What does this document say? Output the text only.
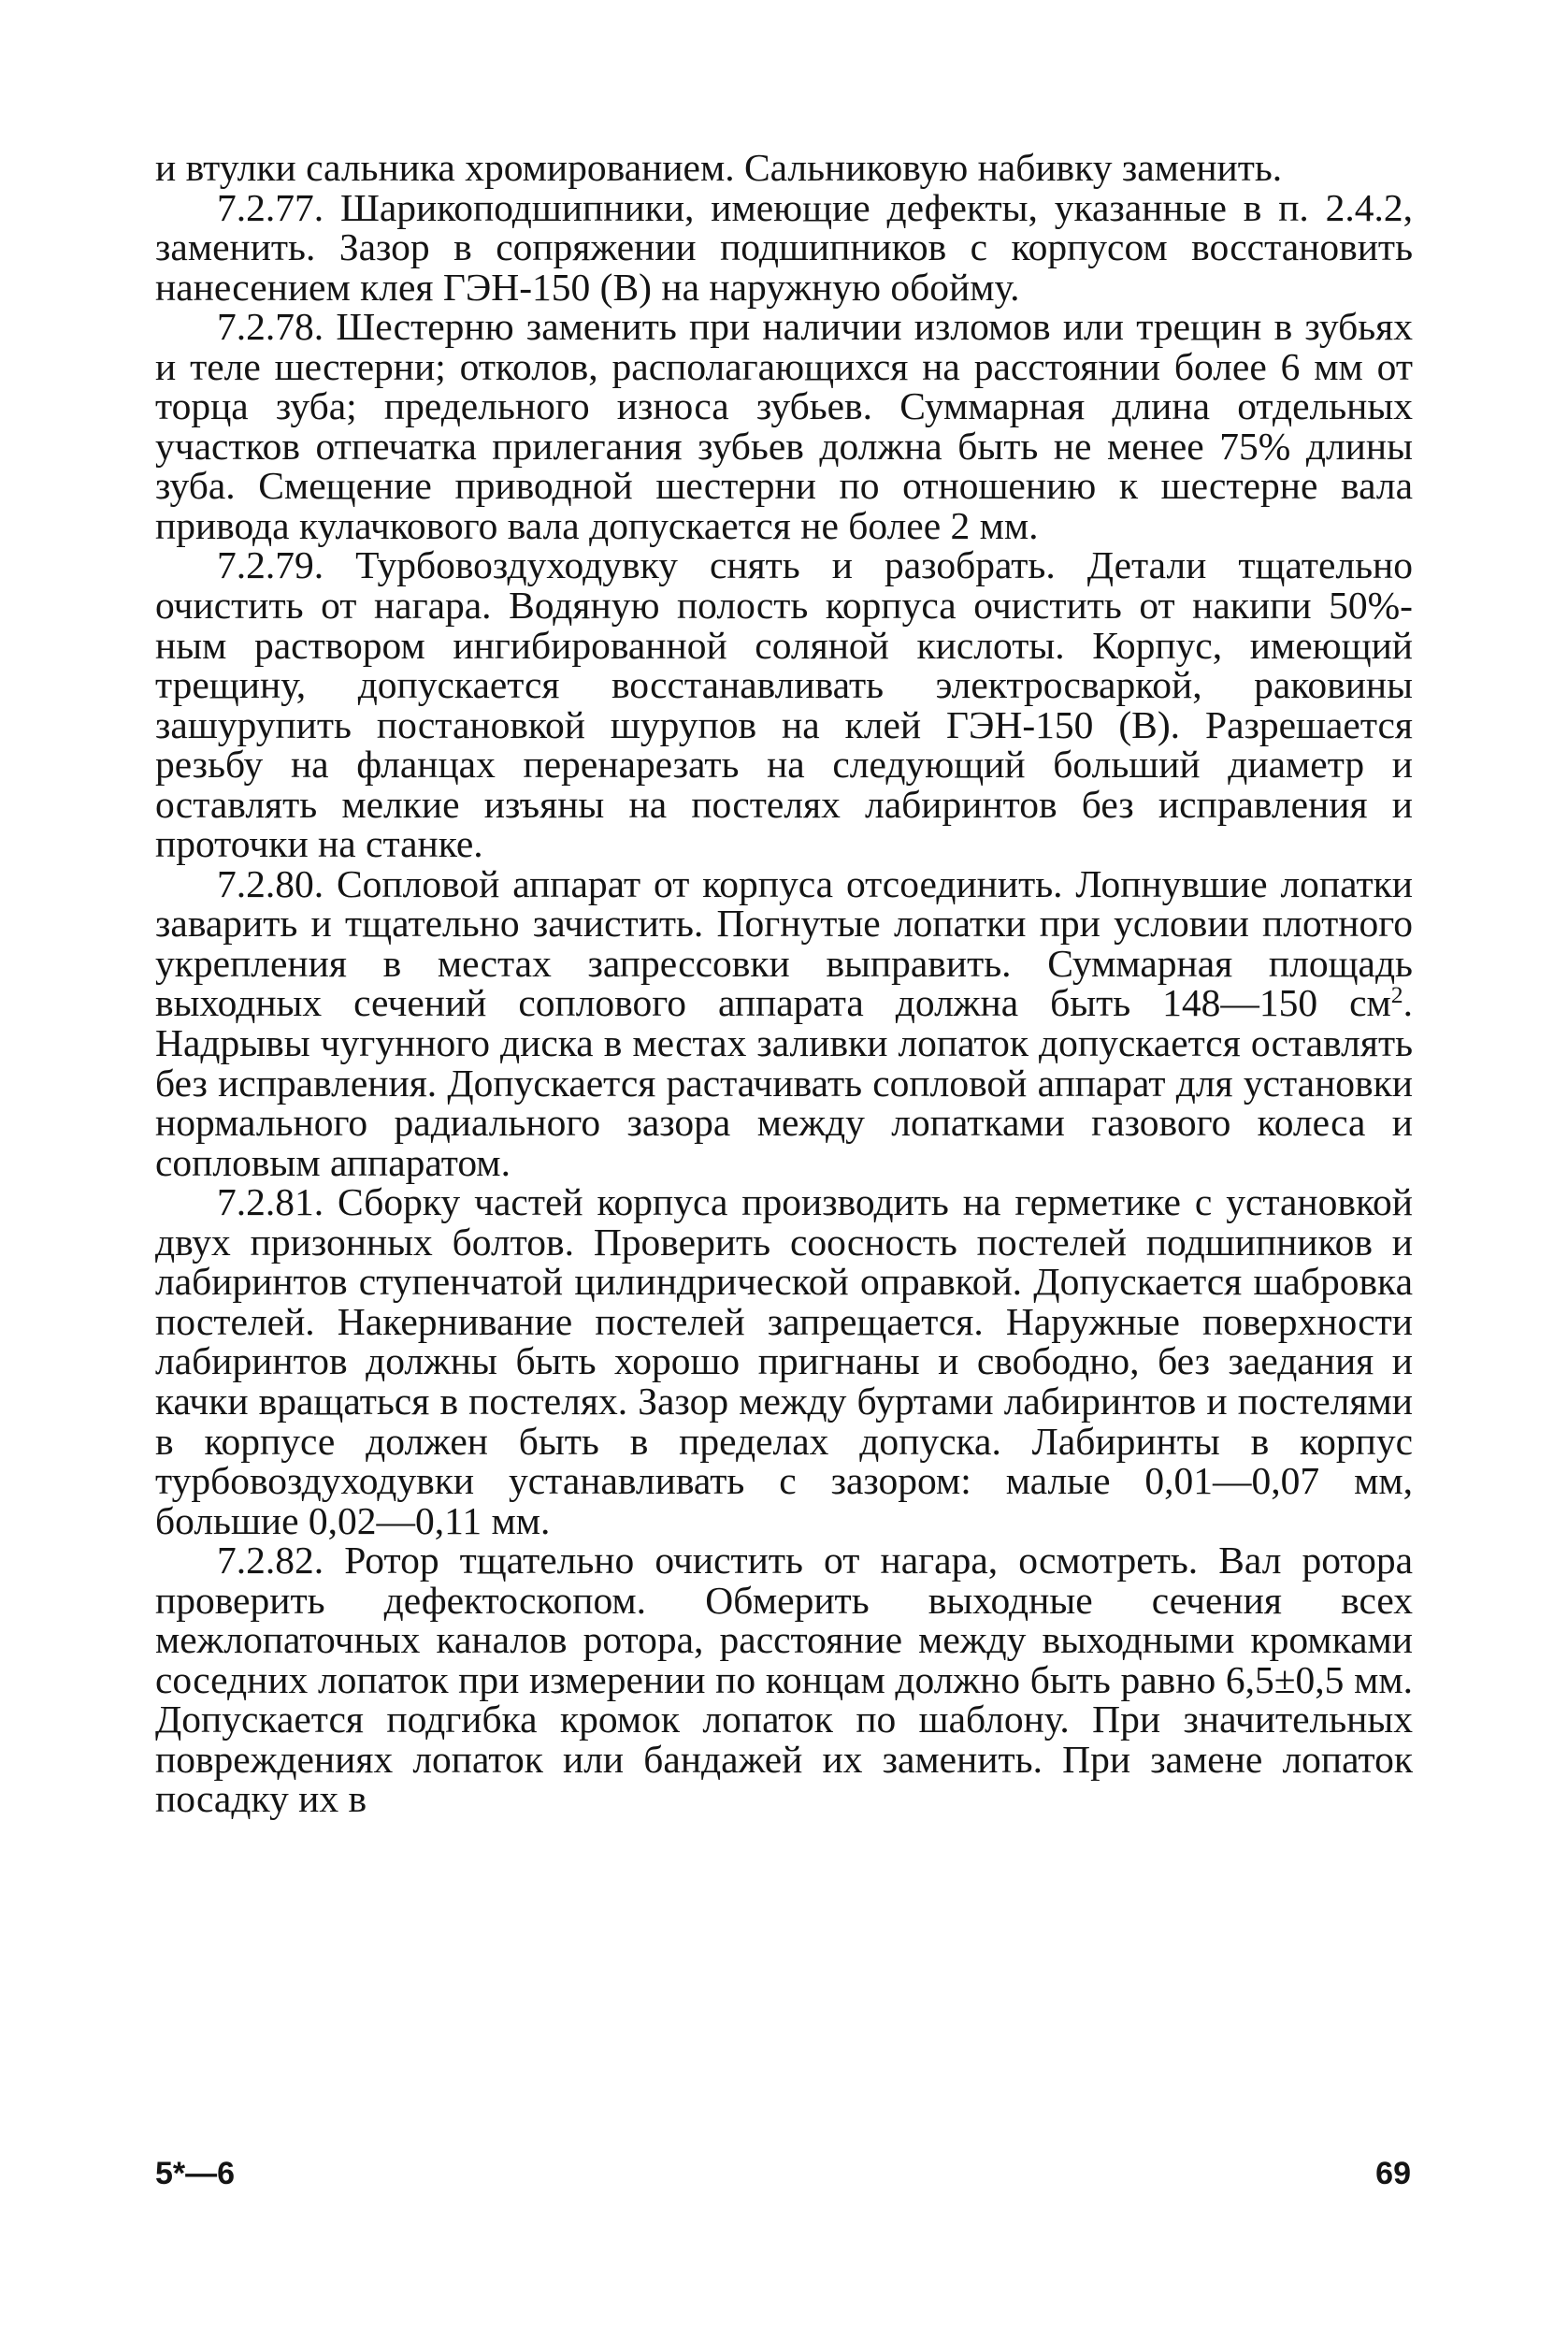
и втулки сальника хромированием. Сальниковую набивку заменить.

7.2.77. Шарикоподшипники, имеющие дефекты, указанные в п. 2.4.2, заменить. Зазор в сопряжении подшипников с корпусом восстановить нанесением клея ГЭН-150 (В) на наружную обойму.

7.2.78. Шестерню заменить при наличии изломов или трещин в зубьях и теле шестерни; отколов, располагающихся на расстоянии более 6 мм от торца зуба; предельного износа зубьев. Суммарная длина отдельных участков отпечатка прилегания зубьев должна быть не менее 75% длины зуба. Смещение приводной шестерни по отношению к шестерне вала привода кулачкового вала допускается не более 2 мм.

7.2.79. Турбовоздуходувку снять и разобрать. Детали тщательно очистить от нагара. Водяную полость корпуса очистить от накипи 50%-ным раствором ингибированной соляной кислоты. Корпус, имеющий трещину, допускается восстанавливать электросваркой, раковины зашурупить постановкой шурупов на клей ГЭН-150 (В). Разрешается резьбу на фланцах перенарезать на следующий больший диаметр и оставлять мелкие изъяны на постелях лабиринтов без исправления и проточки на станке.

7.2.80. Сопловой аппарат от корпуса отсоединить. Лопнувшие лопатки заварить и тщательно зачистить. Погнутые лопатки при условии плотного укрепления в местах запрессовки выправить. Суммарная площадь выходных сечений соплового аппарата должна быть 148—150 $см^2$. Надрывы чугунного диска в местах заливки лопаток допускается оставлять без исправления. Допускается растачивать сопловой аппарат для установки нормального радиального зазора между лопатками газового колеса и сопловым аппаратом.

7.2.81. Сборку частей корпуса производить на герметике с установкой двух призонных болтов. Проверить соосность постелей подшипников и лабиринтов ступенчатой цилиндрической оправкой. Допускается шабровка постелей. Накернивание постелей запрещается. Наружные поверхности лабиринтов должны быть хорошо пригнаны и свободно, без заедания и качки вращаться в постелях. Зазор между буртами лабиринтов и постелями в корпусе должен быть в пределах допуска. Лабиринты в корпус турбовоздуходувки устанавливать с зазором: малые 0,01—0,07 мм, большие 0,02—0,11 мм.

7.2.82. Ротор тщательно очистить от нагара, осмотреть. Вал ротора проверить дефектоскопом. Обмерить выходные сечения всех межлопаточных каналов ротора, расстояние между выходными кромками соседних лопаток при измерении по концам должно быть равно 6,5±0,5 мм. Допускается подгибка кромок лопаток по шаблону. При значительных повреждениях лопаток или бандажей их заменить. При замене лопаток посадку их в

5*—6	69
